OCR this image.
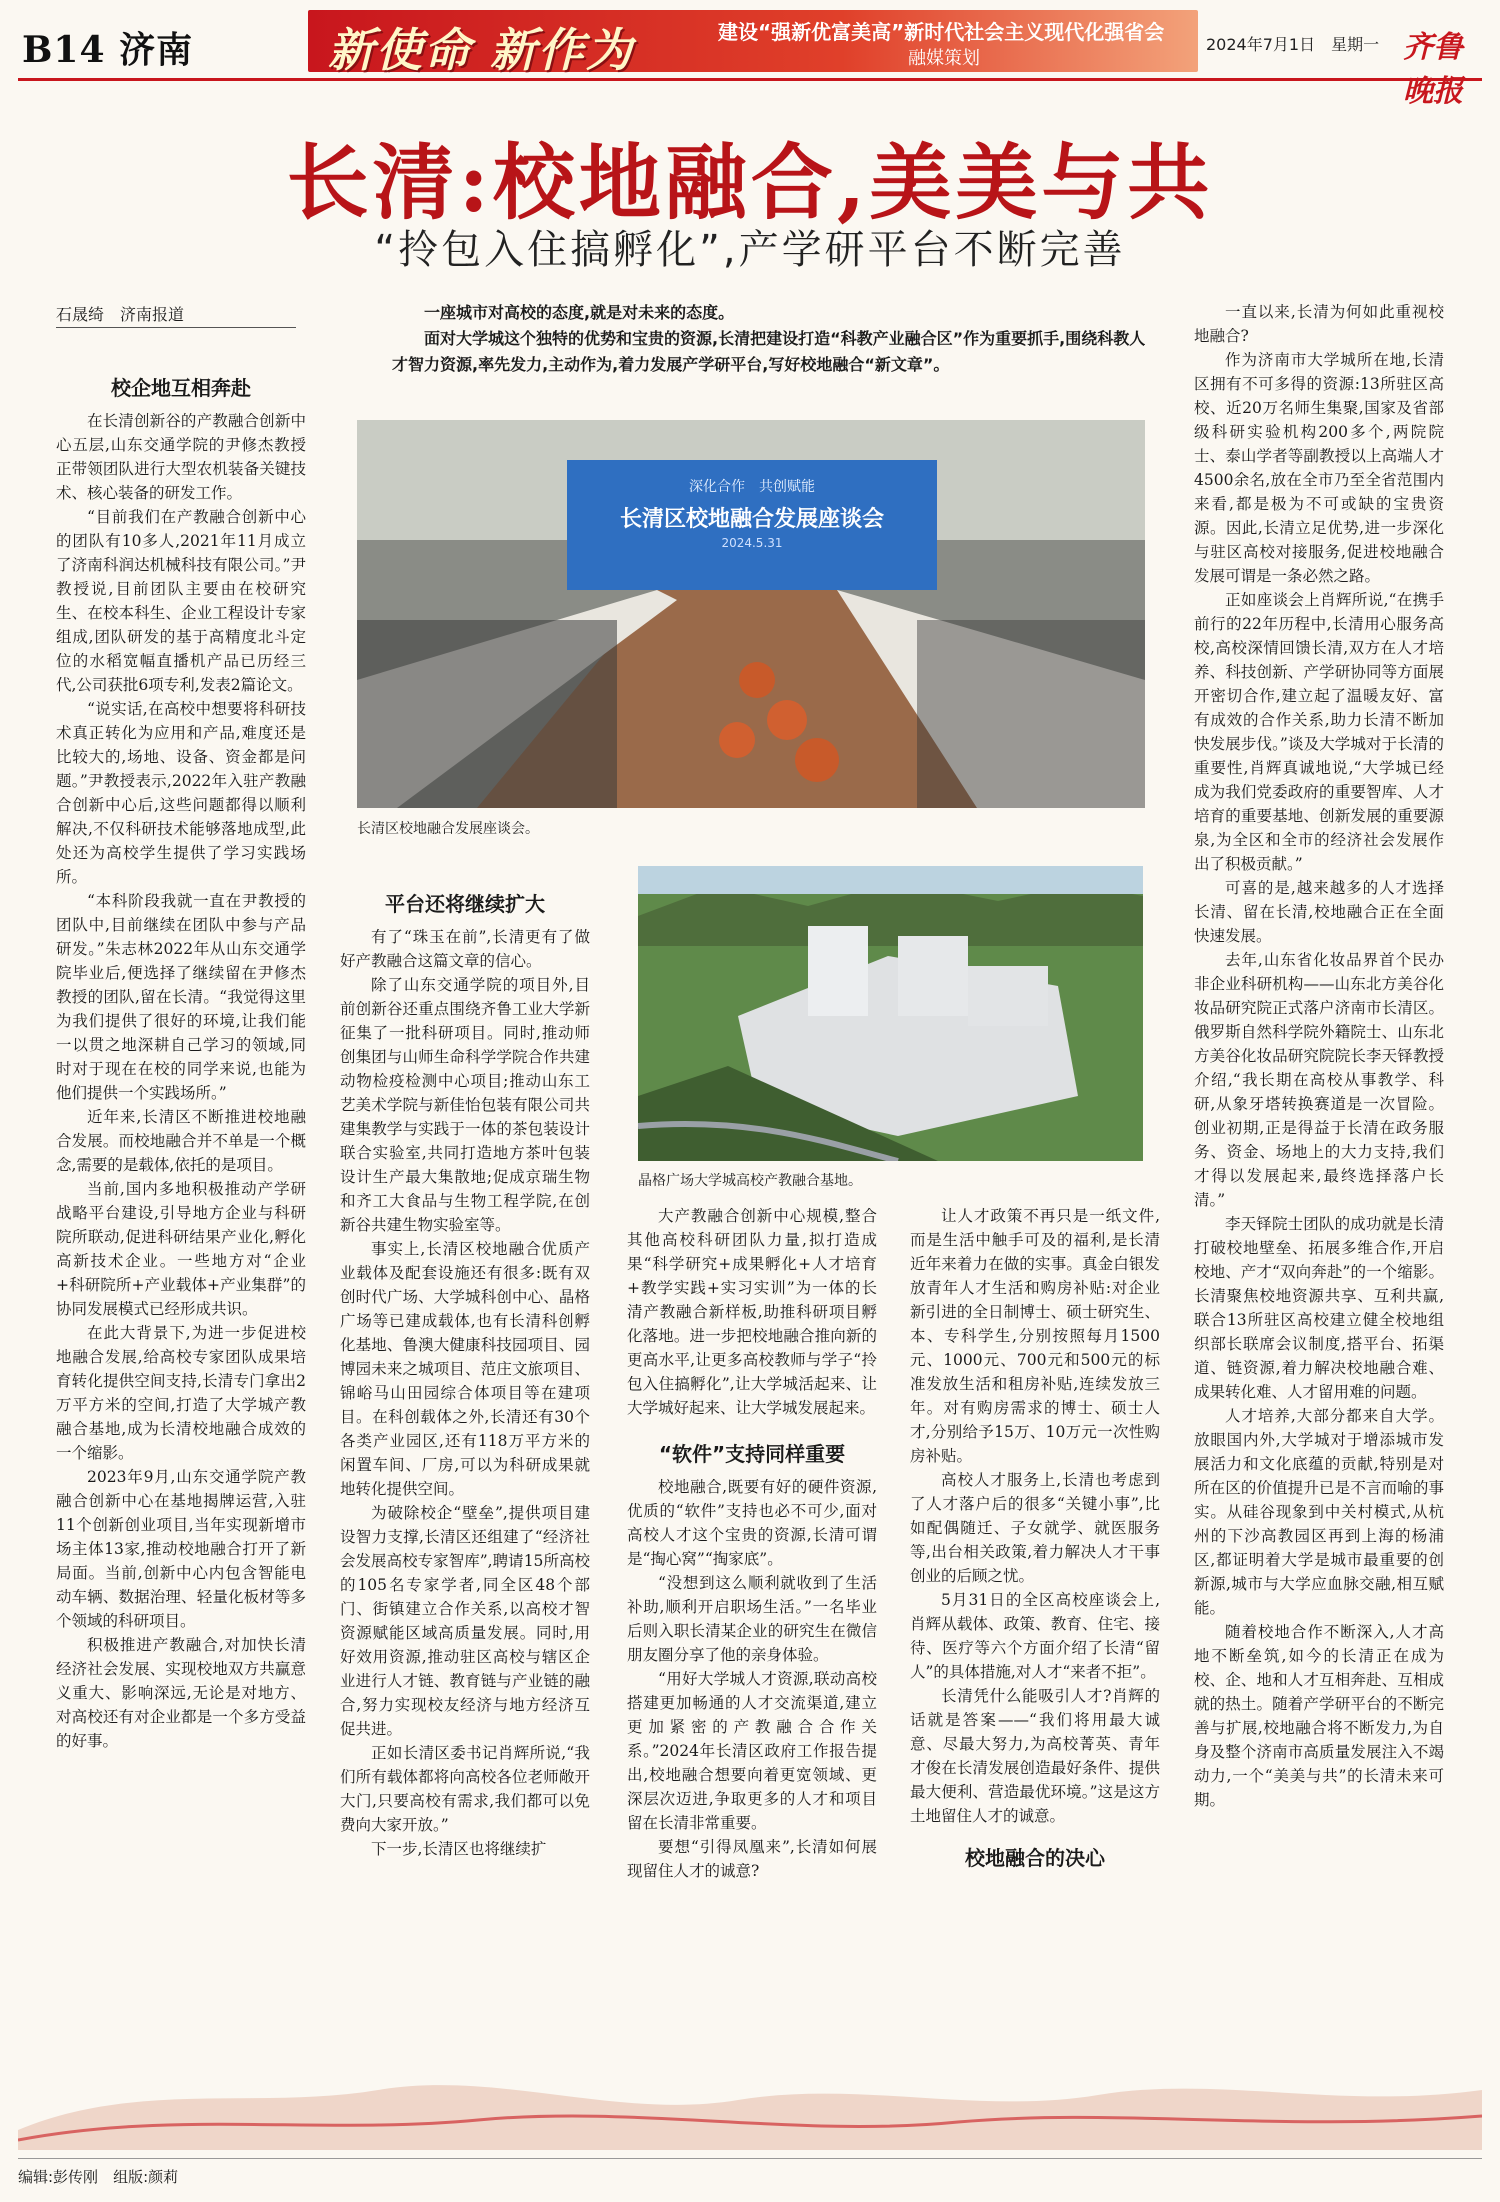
B14 济南	新使命 新作为	建设“强新优富美高”新时代社会主义现代化强省会
融媒策划
2024年7月1日　 星期一 齐鲁晚报
长清:校地融合,美美与共
“拎包入住搞孵化”,产学研平台不断完善
石晟绮　济南报道	一座城市对高校的态度,就是对未来的态度。

面对大学城这个独特的优势和宝贵的资源,长清把建设打造“科教产业融合区”作为重要抓手,围绕科教人才智力资源,率先发力,主动作为,着力发展产学研平台,写好校地融合“新文章”。

校企地互相奔赴

在长清创新谷的产教融合创新中心五层,山东交通学院的尹修杰教授正带领团队进行大型农机装备关键技术、核心装备的研发工作。

“目前我们在产教融合创新中心的团队有10多人,2021年11月成立了济南科润达机械科技有限公司。”尹教授说,目前团队主要由在校研究生、在校本科生、企业工程设计专家组成,团队研发的基于高精度北斗定位的水稻宽幅直播机产品已历经三代,公司获批6项专利,发表2篇论文。

“说实话,在高校中想要将科研技术真正转化为应用和产品,难度还是比较大的,场地、设备、资金都是问题。”尹教授表示,2022年入驻产教融合创新中心后,这些问题都得以顺利解决,不仅科研技术能够落地成型,此处还为高校学生提供了学习实践场所。

“本科阶段我就一直在尹教授的团队中,目前继续在团队中参与产品研发。”朱志林2022年从山东交通学院毕业后,便选择了继续留在尹修杰教授的团队,留在长清。“我觉得这里为我们提供了很好的环境,让我们能一以贯之地深耕自己学习的领域,同时对于现在在校的同学来说,也能为他们提供一个实践场所。”

近年来,长清区不断推进校地融合发展。而校地融合并不单是一个概念,需要的是载体,依托的是项目。

当前,国内多地积极推动产学研战略平台建设,引导地方企业与科研院所联动,促进科研结果产业化,孵化高新技术企业。一些地方对“企业+科研院所+产业载体+产业集群”的协同发展模式已经形成共识。

在此大背景下,为进一步促进校地融合发展,给高校专家团队成果培育转化提供空间支持,长清专门拿出2万平方米的空间,打造了大学城产教融合基地,成为长清校地融合成效的一个缩影。

2023年9月,山东交通学院产教融合创新中心在基地揭牌运营,入驻11个创新创业项目,当年实现新增市场主体13家,推动校地融合打开了新局面。当前,创新中心内包含智能电动车辆、数据治理、轻量化板材等多个领域的科研项目。

积极推进产教融合,对加快长清经济社会发展、实现校地双方共赢意义重大、影响深远,无论是对地方、对高校还有对企业都是一个多方受益的好事。

深化合作　共创赋能
长清区校地融合发展座谈会
2024.5.31
长清区校地融合发展座谈会。
平台还将继续扩大

有了“珠玉在前”,长清更有了做好产教融合这篇文章的信心。

除了山东交通学院的项目外,目前创新谷还重点围绕齐鲁工业大学新征集了一批科研项目。同时,推动师创集团与山师生命科学学院合作共建动物检疫检测中心项目;推动山东工艺美术学院与新佳怡包装有限公司共建集教学与实践于一体的茶包装设计联合实验室,共同打造地方茶叶包装设计生产最大集散地;促成京瑞生物和齐工大食品与生物工程学院,在创新谷共建生物实验室等。

事实上,长清区校地融合优质产业载体及配套设施还有很多:既有双创时代广场、大学城科创中心、晶格广场等已建成载体,也有长清科创孵化基地、鲁澳大健康科技园项目、园博园未来之城项目、范庄文旅项目、锦峪马山田园综合体项目等在建项目。在科创载体之外,长清还有30个各类产业园区,还有118万平方米的闲置车间、厂房,可以为科研成果就地转化提供空间。

为破除校企“壁垒”,提供项目建设智力支撑,长清区还组建了“经济社会发展高校专家智库”,聘请15所高校的105名专家学者,同全区48个部门、街镇建立合作关系,以高校才智资源赋能区域高质量发展。同时,用好效用资源,推动驻区高校与辖区企业进行人才链、教育链与产业链的融合,努力实现校友经济与地方经济互促共进。

正如长清区委书记肖辉所说,“我们所有载体都将向高校各位老师敞开大门,只要高校有需求,我们都可以免费向大家开放。”

下一步,长清区也将继续扩

晶格广场大学城高校产教融合基地。

大产教融合创新中心规模,整合其他高校科研团队力量,拟打造成果“科学研究+成果孵化+人才培育+教学实践+实习实训”为一体的长清产教融合新样板,助推科研项目孵化落地。进一步把校地融合推向新的更高水平,让更多高校教师与学子“拎包入住搞孵化”,让大学城活起来、让大学城好起来、让大学城发展起来。

“软件”支持同样重要

校地融合,既要有好的硬件资源,优质的“软件”支持也必不可少,面对高校人才这个宝贵的资源,长清可谓是“掏心窝”“掏家底”。

“没想到这么顺利就收到了生活补助,顺利开启职场生活。”一名毕业后则入职长清某企业的研究生在微信朋友圈分享了他的亲身体验。

“用好大学城人才资源,联动高校搭建更加畅通的人才交流渠道,建立更加紧密的产教融合合作关系。”2024年长清区政府工作报告提出,校地融合想要向着更宽领域、更深层次迈进,争取更多的人才和项目留在长清非常重要。

要想“引得凤凰来”,长清如何展现留住人才的诚意?

让人才政策不再只是一纸文件,而是生活中触手可及的福利,是长清近年来着力在做的实事。真金白银发放青年人才生活和购房补贴:对企业新引进的全日制博士、硕士研究生、本、专科学生,分别按照每月1500元、1000元、700元和500元的标准发放生活和租房补贴,连续发放三年。对有购房需求的博士、硕士人才,分别给予15万、10万元一次性购房补贴。

高校人才服务上,长清也考虑到了人才落户后的很多“关键小事”,比如配偶随迁、子女就学、就医服务等,出台相关政策,着力解决人才干事创业的后顾之忧。

5月31日的全区高校座谈会上,肖辉从载体、政策、教育、住宅、接待、医疗等六个方面介绍了长清“留人”的具体措施,对人才“来者不拒”。

长清凭什么能吸引人才?肖辉的话就是答案——“我们将用最大诚意、尽最大努力,为高校菁英、青年才俊在长清发展创造最好条件、提供最大便利、营造最优环境。”这是这方土地留住人才的诚意。

校地融合的决心

一直以来,长清为何如此重视校地融合?

作为济南市大学城所在地,长清区拥有不可多得的资源:13所驻区高校、近20万名师生集聚,国家及省部级科研实验机构200多个,两院院士、泰山学者等副教授以上高端人才4500余名,放在全市乃至全省范围内来看,都是极为不可或缺的宝贵资源。因此,长清立足优势,进一步深化与驻区高校对接服务,促进校地融合发展可谓是一条必然之路。

正如座谈会上肖辉所说,“在携手前行的22年历程中,长清用心服务高校,高校深情回馈长清,双方在人才培养、科技创新、产学研协同等方面展开密切合作,建立起了温暖友好、富有成效的合作关系,助力长清不断加快发展步伐。”谈及大学城对于长清的重要性,肖辉真诚地说,“大学城已经成为我们党委政府的重要智库、人才培育的重要基地、创新发展的重要源泉,为全区和全市的经济社会发展作出了积极贡献。”

可喜的是,越来越多的人才选择长清、留在长清,校地融合正在全面快速发展。

去年,山东省化妆品界首个民办非企业科研机构——山东北方美谷化妆品研究院正式落户济南市长清区。俄罗斯自然科学院外籍院士、山东北方美谷化妆品研究院院长李天铎教授介绍,“我长期在高校从事教学、科研,从象牙塔转换赛道是一次冒险。创业初期,正是得益于长清在政务服务、资金、场地上的大力支持,我们才得以发展起来,最终选择落户长清。”

李天铎院士团队的成功就是长清打破校地壁垒、拓展多维合作,开启校地、产才“双向奔赴”的一个缩影。长清聚焦校地资源共享、互利共赢,联合13所驻区高校建立健全校地组织部长联席会议制度,搭平台、拓渠道、链资源,着力解决校地融合难、成果转化难、人才留用难的问题。

人才培养,大部分都来自大学。放眼国内外,大学城对于增添城市发展活力和文化底蕴的贡献,特别是对所在区的价值提升已是不言而喻的事实。从硅谷现象到中关村模式,从杭州的下沙高教园区再到上海的杨浦区,都证明着大学是城市最重要的创新源,城市与大学应血脉交融,相互赋能。

随着校地合作不断深入,人才高地不断垒筑,如今的长清正在成为校、企、地和人才互相奔赴、互相成就的热土。随着产学研平台的不断完善与扩展,校地融合将不断发力,为自身及整个济南市高质量发展注入不竭动力,一个“美美与共”的长清未来可期。

编辑:彭传刚　 组版:颜莉
